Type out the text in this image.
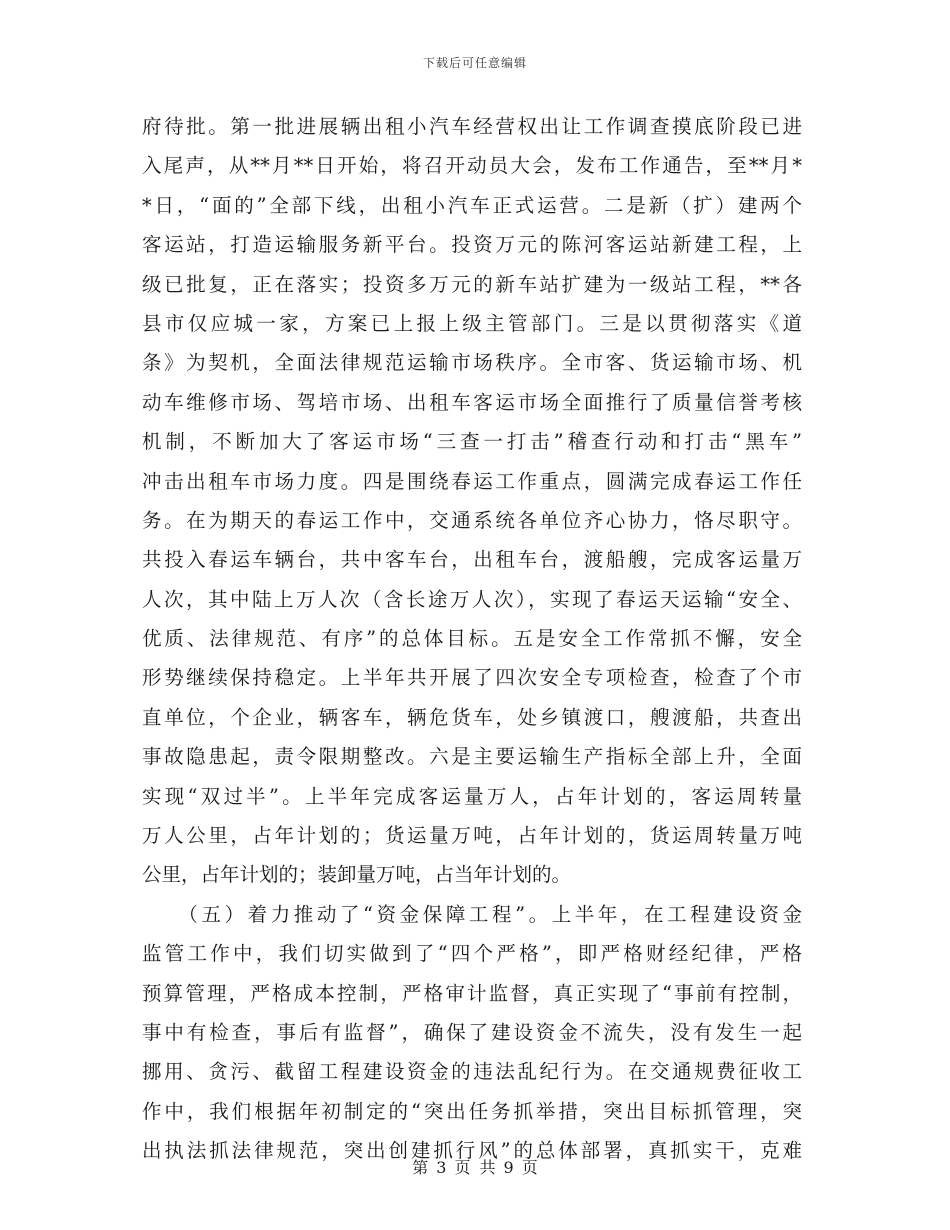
下载后可任意编辑
府待批。第一批进展辆出租小汽车经营权出让工作调查摸底阶段已进
入尾声，从**月**日开始，将召开动员大会，发布工作通告，至**月*
*日，“面的”全部下线，出租小汽车正式运营。二是新（扩）建两个
客运站，打造运输服务新平台。投资万元的陈河客运站新建工程，上
级已批复，正在落实；投资多万元的新车站扩建为一级站工程，**各
县市仅应城一家，方案已上报上级主管部门。三是以贯彻落实《道
条》为契机，全面法律规范运输市场秩序。全市客、货运输市场、机
动车维修市场、驾培市场、出租车客运市场全面推行了质量信誉考核
机制，不断加大了客运市场“三查一打击”稽查行动和打击“黑车”
冲击出租车市场力度。四是围绕春运工作重点，圆满完成春运工作任
务。在为期天的春运工作中，交通系统各单位齐心协力，恪尽职守。
共投入春运车辆台，共中客车台，出租车台，渡船艘，完成客运量万
人次，其中陆上万人次（含长途万人次），实现了春运天运输“安全、
优质、法律规范、有序”的总体目标。五是安全工作常抓不懈，安全
形势继续保持稳定。上半年共开展了四次安全专项检查，检查了个市
直单位，个企业，辆客车，辆危货车，处乡镇渡口，艘渡船，共查出
事故隐患起，责令限期整改。六是主要运输生产指标全部上升，全面
实现“双过半”。上半年完成客运量万人，占年计划的，客运周转量
万人公里，占年计划的；货运量万吨，占年计划的，货运周转量万吨
公里，占年计划的；装卸量万吨，占当年计划的。
　　（五）着力推动了“资金保障工程”。上半年，在工程建设资金
监管工作中，我们切实做到了“四个严格”，即严格财经纪律，严格
预算管理，严格成本控制，严格审计监督，真正实现了“事前有控制，
事中有检查，事后有监督”，确保了建设资金不流失，没有发生一起
挪用、贪污、截留工程建设资金的违法乱纪行为。在交通规费征收工
作中，我们根据年初制定的“突出任务抓举措，突出目标抓管理，突
出执法抓法律规范，突出创建抓行风”的总体部署，真抓实干，克难
第 3 页 共 9 页
